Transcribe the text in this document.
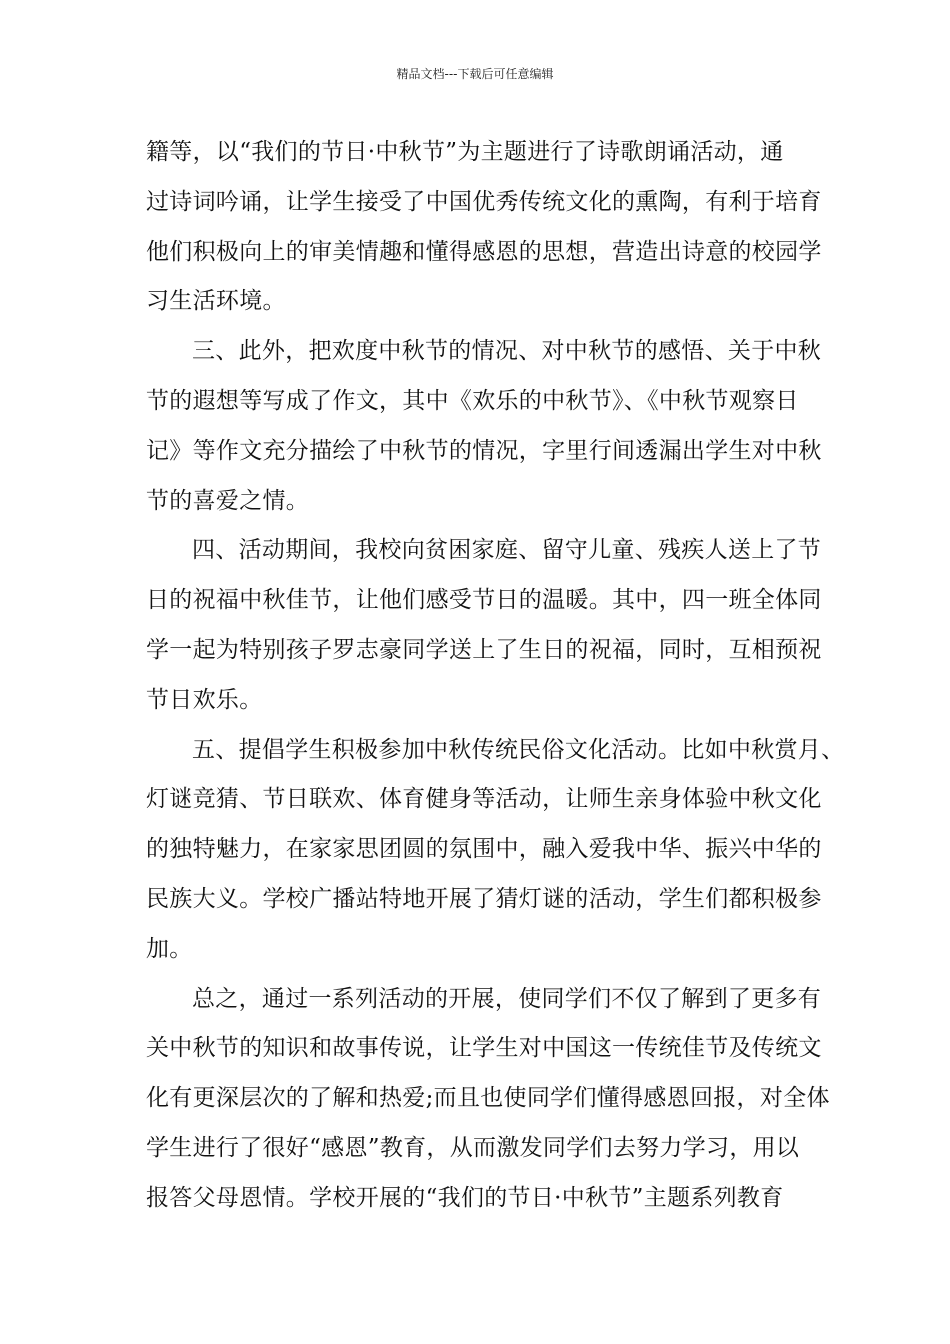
精品文档---下载后可任意编辑
籍等，以“我们的节日·中秋节”为主题进行了诗歌朗诵活动，通
过诗词吟诵，让学生接受了中国优秀传统文化的熏陶，有利于培育
他们积极向上的审美情趣和懂得感恩的思想，营造出诗意的校园学
习生活环境。
三、此外，把欢度中秋节的情况、对中秋节的感悟、关于中秋
节的遐想等写成了作文，其中《欢乐的中秋节》、《中秋节观察日
记》等作文充分描绘了中秋节的情况，字里行间透漏出学生对中秋
节的喜爱之情。
四、活动期间，我校向贫困家庭、留守儿童、残疾人送上了节
日的祝福中秋佳节，让他们感受节日的温暖。其中，四一班全体同
学一起为特别孩子罗志豪同学送上了生日的祝福，同时，互相预祝
节日欢乐。
五、提倡学生积极参加中秋传统民俗文化活动。比如中秋赏月、
灯谜竞猜、节日联欢、体育健身等活动，让师生亲身体验中秋文化
的独特魅力，在家家思团圆的氛围中，融入爱我中华、振兴中华的
民族大义。学校广播站特地开展了猜灯谜的活动，学生们都积极参
加。
总之，通过一系列活动的开展，使同学们不仅了解到了更多有
关中秋节的知识和故事传说，让学生对中国这一传统佳节及传统文
化有更深层次的了解和热爱;而且也使同学们懂得感恩回报，对全体
学生进行了很好“感恩”教育，从而激发同学们去努力学习，用以
报答父母恩情。学校开展的“我们的节日·中秋节”主题系列教育
